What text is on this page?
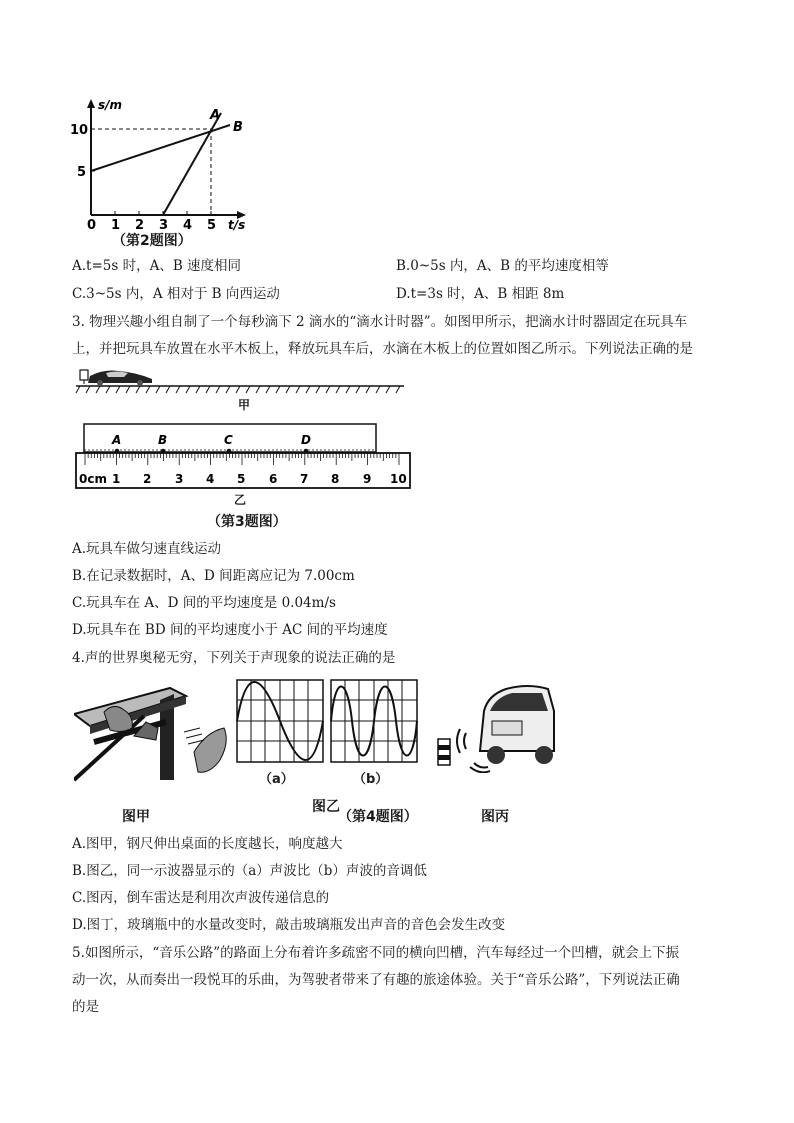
s/m
t/s
10
5
0 1 2 3 4 5
A
B
（第2题图）
A.t=5s 时，A、B 速度相同	B.0~5s 内，A、B 的平均速度相等
C.3~5s 内，A 相对于 B 向西运动	D.t=3s 时，A、B 相距 8m
3. 物理兴趣小组自制了一个每秒滴下 2 滴水的“滴水计时器”。如图甲所示，把滴水计时器固定在玩具车
上，并把玩具车放置在水平木板上，释放玩具车后，水滴在木板上的位置如图乙所示。下列说法正确的是
甲
A	B	C	D
0cm 1 2 3 4 5 6 7 8 9 10
乙
（第3题图）
A.玩具车做匀速直线运动
B.在记录数据时，A、D 间距离应记为 7.00cm
C.玩具车在 A、D 间的平均速度是 0.04m/s
D.玩具车在 BD 间的平均速度小于 AC 间的平均速度
4.声的世界奥秘无穷，下列关于声现象的说法正确的是
（a）	（b）
图甲
图乙
（第4题图）	图丙
A.图甲，钢尺伸出桌面的长度越长，响度越大
B.图乙，同一示波器显示的（a）声波比（b）声波的音调低
C.图丙，倒车雷达是利用次声波传递信息的
D.图丁，玻璃瓶中的水量改变时，敲击玻璃瓶发出声音的音色会发生改变
5.如图所示，“音乐公路”的路面上分布着许多疏密不同的横向凹槽，汽车每经过一个凹槽，就会上下振
动一次，从而奏出一段悦耳的乐曲，为驾驶者带来了有趣的旅途体验。关于“音乐公路”，下列说法正确
的是
